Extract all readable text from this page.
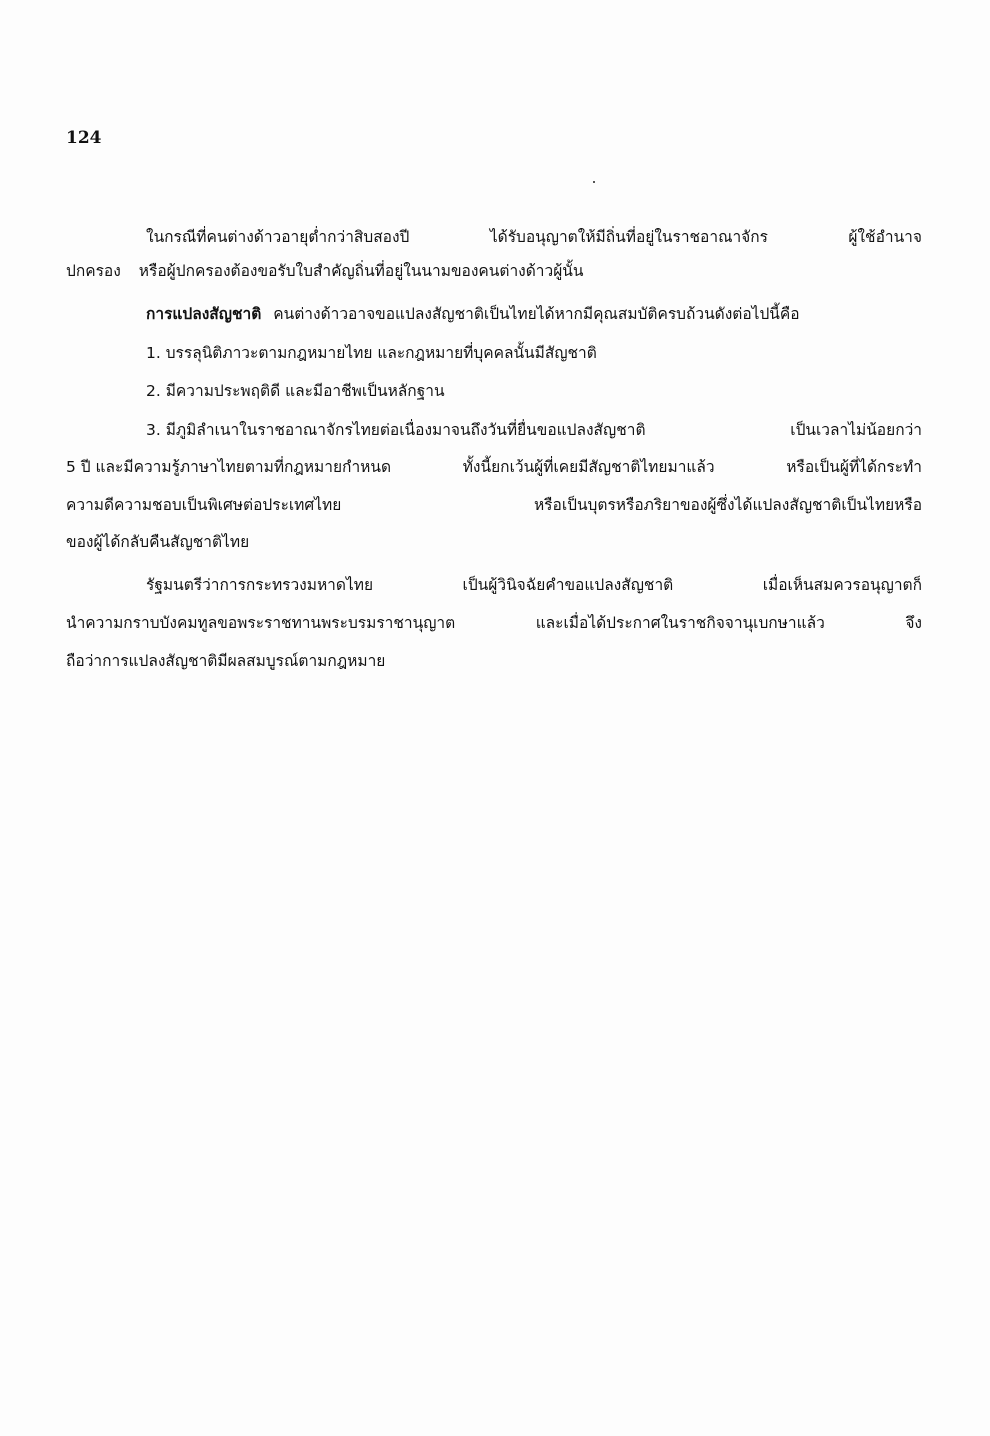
124
ในกรณีที่คนต่างด้าวอายุต่ำกว่าสิบสองปี	ได้รับอนุญาตให้มีถิ่นที่อยู่ในราชอาณาจักร	ผู้ใช้อำนาจ
ปกครอง หรือผู้ปกครองต้องขอรับใบสำคัญถิ่นที่อยู่ในนามของคนต่างด้าวผู้นั้น
การแปลงสัญชาติ คนต่างด้าวอาจขอแปลงสัญชาติเป็นไทยได้หากมีคุณสมบัติครบถ้วนดังต่อไปนี้คือ
1. บรรลุนิติภาวะตามกฎหมายไทย และกฎหมายที่บุคคลนั้นมีสัญชาติ
2. มีความประพฤติดี และมีอาชีพเป็นหลักฐาน
3. มีภูมิลำเนาในราชอาณาจักรไทยต่อเนื่องมาจนถึงวันที่ยื่นขอแปลงสัญชาติ	เป็นเวลาไม่น้อยกว่า
5 ปี และมีความรู้ภาษาไทยตามที่กฎหมายกำหนด	ทั้งนี้ยกเว้นผู้ที่เคยมีสัญชาติไทยมาแล้ว	หรือเป็นผู้ที่ได้กระทำ
ความดีความชอบเป็นพิเศษต่อประเทศไทย	หรือเป็นบุตรหรือภริยาของผู้ซึ่งได้แปลงสัญชาติเป็นไทยหรือ
ของผู้ได้กลับคืนสัญชาติไทย
รัฐมนตรีว่าการกระทรวงมหาดไทย	เป็นผู้วินิจฉัยคำขอแปลงสัญชาติ	เมื่อเห็นสมควรอนุญาตก็
นำความกราบบังคมทูลขอพระราชทานพระบรมราชานุญาต	และเมื่อได้ประกาศในราชกิจจานุเบกษาแล้ว	จึง
ถือว่าการแปลงสัญชาติมีผลสมบูรณ์ตามกฎหมาย
